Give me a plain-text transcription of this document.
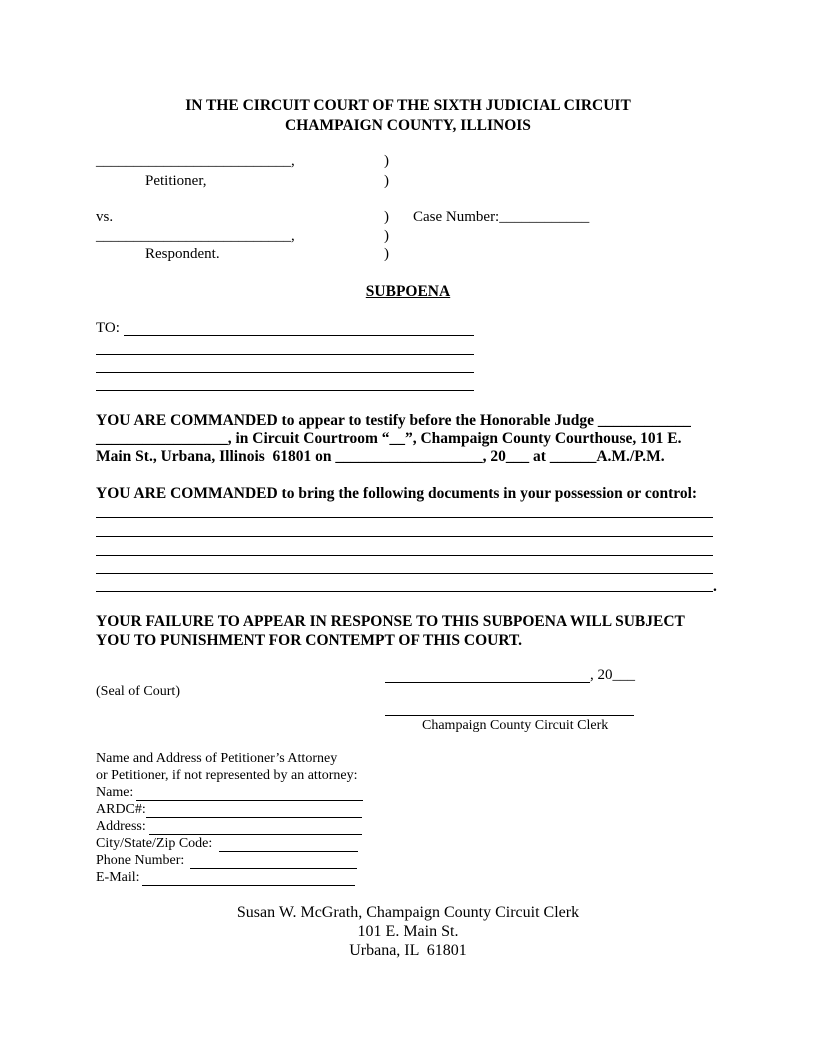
IN THE CIRCUIT COURT OF THE SIXTH JUDICIAL CIRCUIT
CHAMPAIGN COUNTY, ILLINOIS
__________________________,
Petitioner,
vs.
__________________________,
Respondent.
)
)
)
)
)
Case Number:____________
SUBPOENA
TO:
YOU ARE COMMANDED to appear to testify before the Honorable Judge ____________
_________________, in Circuit Courtroom “__”, Champaign County Courthouse, 101 E.
Main St., Urbana, Illinois  61801 on ___________________, 20___ at ______A.M./P.M.
YOU ARE COMMANDED to bring the following documents in your possession or control:
.
YOUR FAILURE TO APPEAR IN RESPONSE TO THIS SUBPOENA WILL SUBJECT
YOU TO PUNISHMENT FOR CONTEMPT OF THIS COURT.
, 20___
(Seal of Court)
Champaign County Circuit Clerk
Name and Address of Petitioner’s Attorney
or Petitioner, if not represented by an attorney:
Name:
ARDC#:
Address:
City/State/Zip Code:
Phone Number:
E-Mail:
Susan W. McGrath, Champaign County Circuit Clerk
101 E. Main St.
Urbana, IL  61801
